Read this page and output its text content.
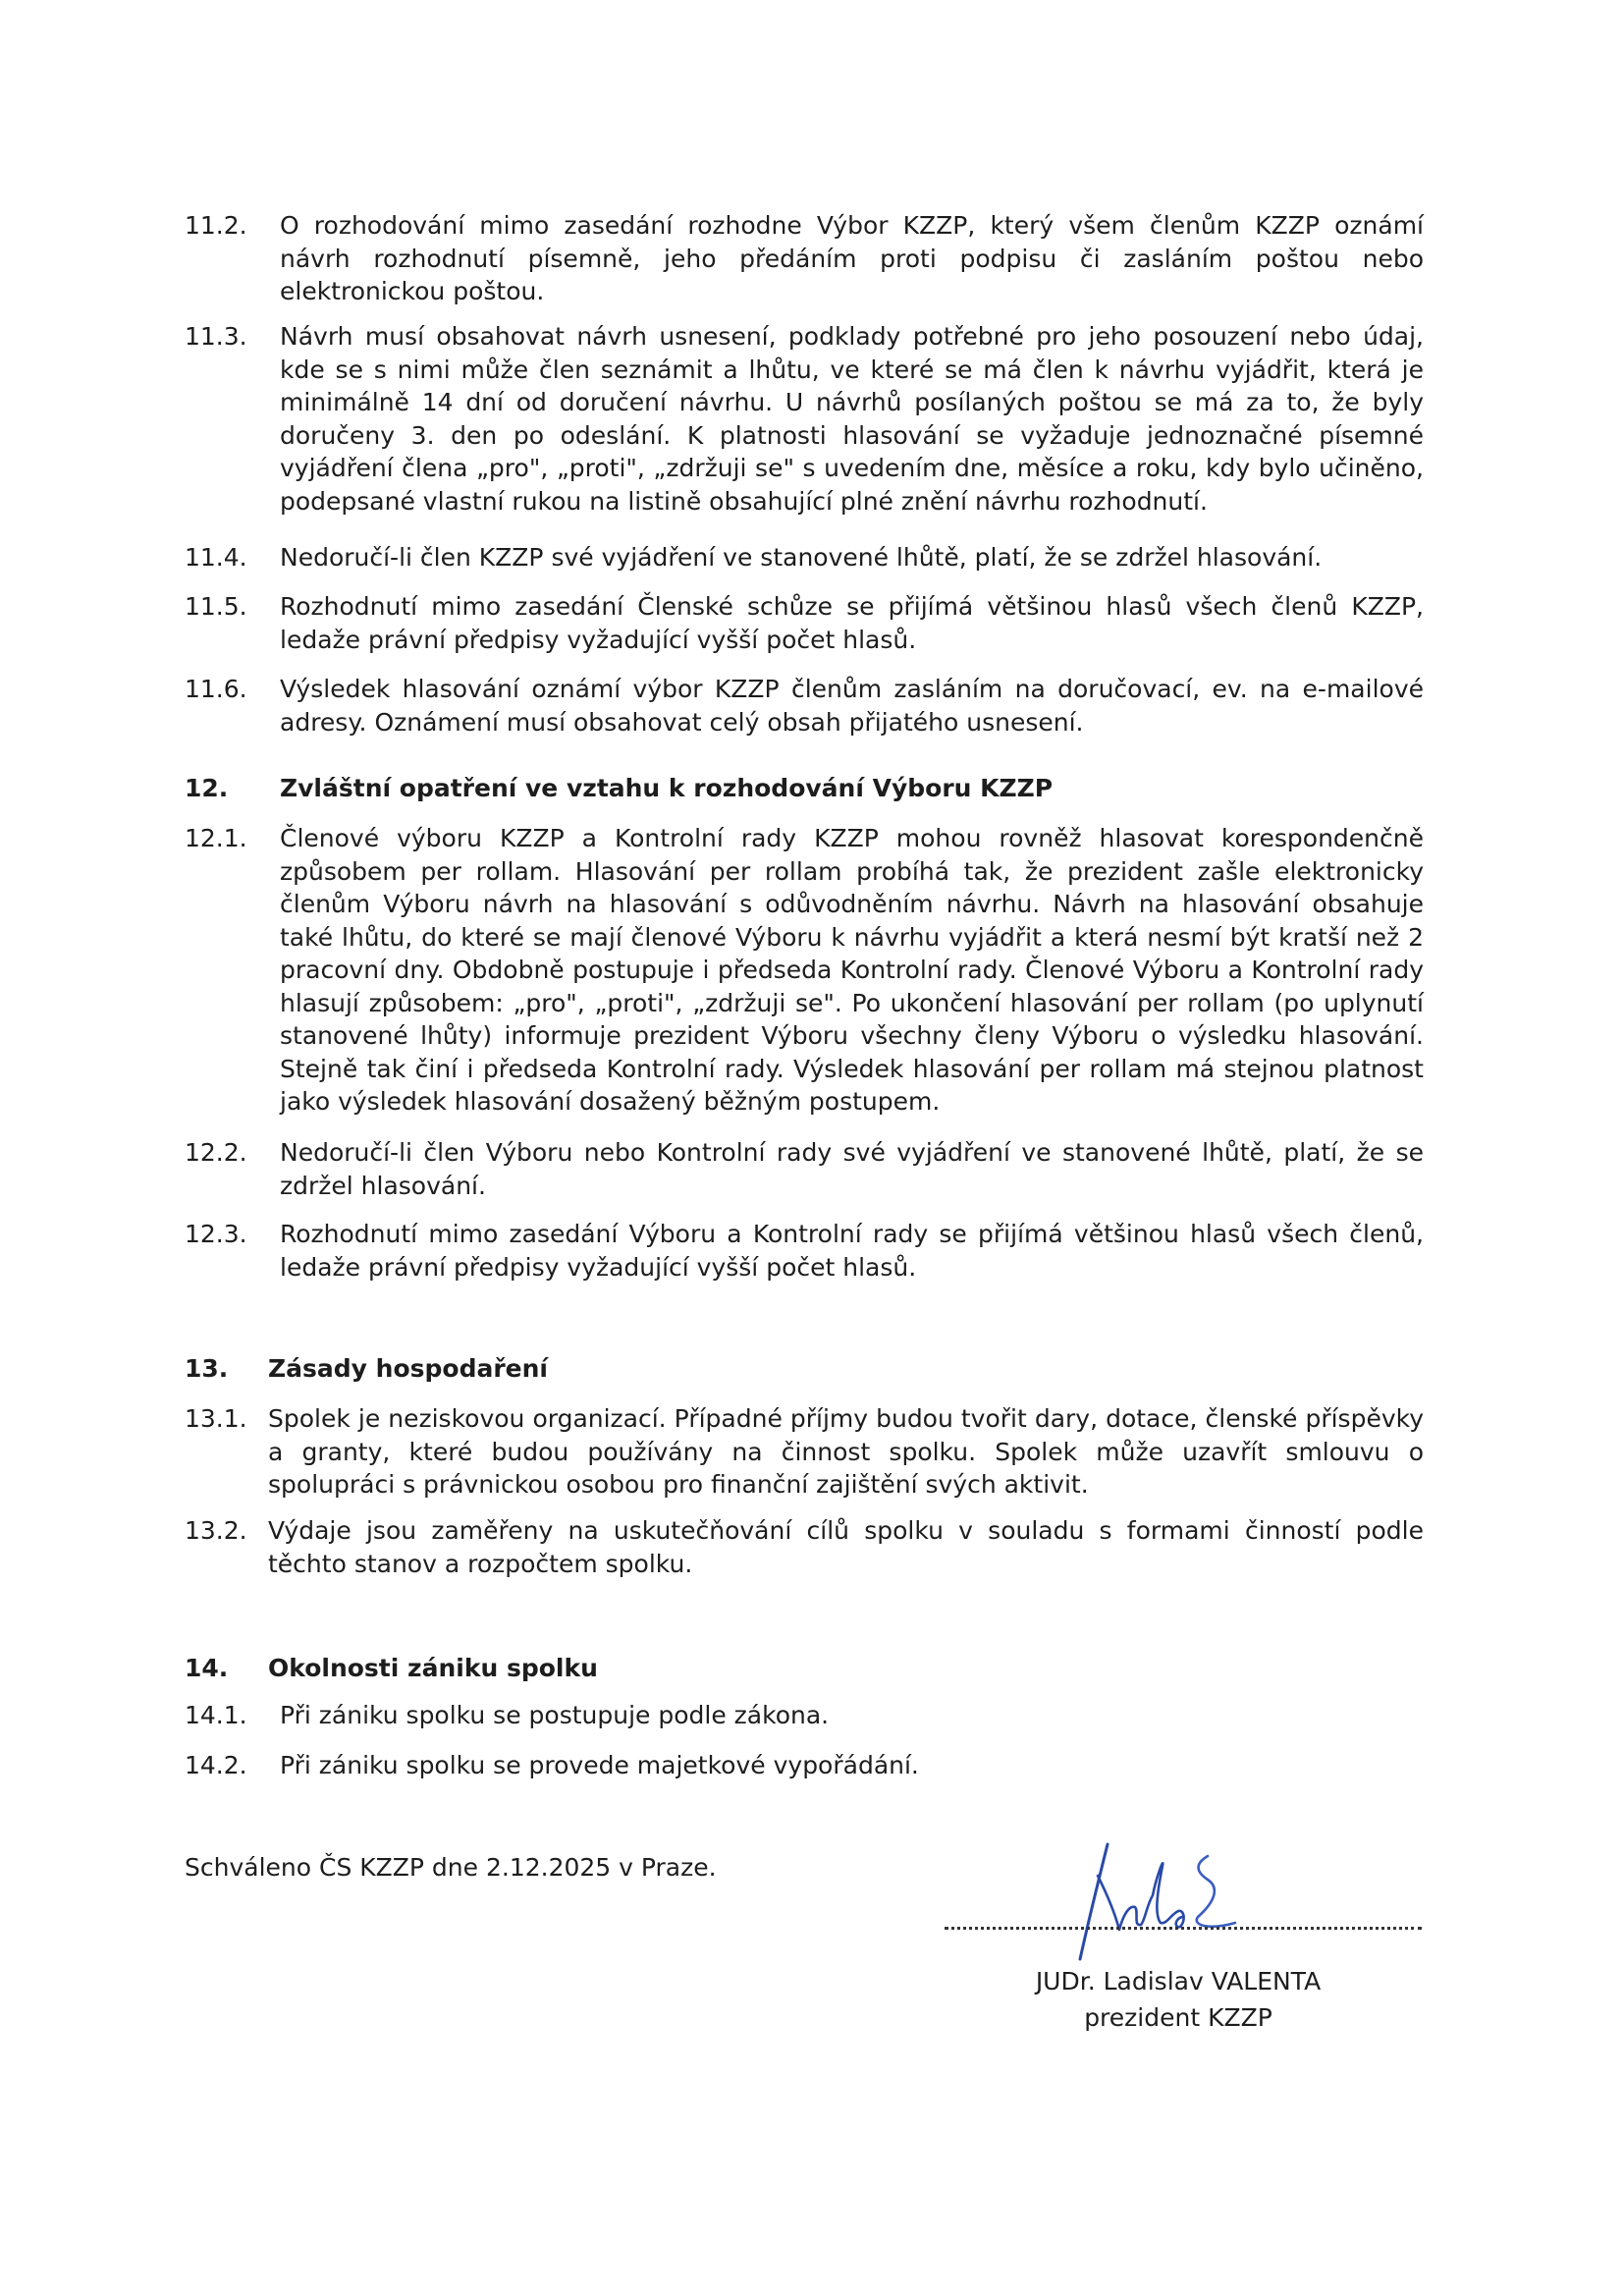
11.2. O rozhodování mimo zasedání rozhodne Výbor KZZP, který všem členům KZZP oznámí návrh rozhodnutí písemně, jeho předáním proti podpisu či zasláním poštou nebo elektronickou poštou.
11.3. Návrh musí obsahovat návrh usnesení, podklady potřebné pro jeho posouzení nebo údaj, kde se s nimi může člen seznámit a lhůtu, ve které se má člen k návrhu vyjádřit, která je minimálně 14 dní od doručení návrhu. U návrhů posílaných poštou se má za to, že byly doručeny 3. den po odeslání. K platnosti hlasování se vyžaduje jednoznačné písemné vyjádření člena „pro", „proti", „zdržuji se" s uvedením dne, měsíce a roku, kdy bylo učiněno, podepsané vlastní rukou na listině obsahující plné znění návrhu rozhodnutí.
11.4. Nedoručí-li člen KZZP své vyjádření ve stanovené lhůtě, platí, že se zdržel hlasování.
11.5. Rozhodnutí mimo zasedání Členské schůze se přijímá většinou hlasů všech členů KZZP, ledaže právní předpisy vyžadující vyšší počet hlasů.
11.6. Výsledek hlasování oznámí výbor KZZP členům zasláním na doručovací, ev. na e-mailové adresy. Oznámení musí obsahovat celý obsah přijatého usnesení.
12. Zvláštní opatření ve vztahu k rozhodování Výboru KZZP
12.1. Členové výboru KZZP a Kontrolní rady KZZP mohou rovněž hlasovat korespondenčně způsobem per rollam. Hlasování per rollam probíhá tak, že prezident zašle elektronicky členům Výboru návrh na hlasování s odůvodněním návrhu. Návrh na hlasování obsahuje také lhůtu, do které se mají členové Výboru k návrhu vyjádřit a která nesmí být kratší než 2 pracovní dny. Obdobně postupuje i předseda Kontrolní rady. Členové Výboru a Kontrolní rady hlasují způsobem: „pro", „proti", „zdržuji se". Po ukončení hlasování per rollam (po uplynutí stanovené lhůty) informuje prezident Výboru všechny členy Výboru o výsledku hlasování. Stejně tak činí i předseda Kontrolní rady. Výsledek hlasování per rollam má stejnou platnost jako výsledek hlasování dosažený běžným postupem.
12.2. Nedoručí-li člen Výboru nebo Kontrolní rady své vyjádření ve stanovené lhůtě, platí, že se zdržel hlasování.
12.3. Rozhodnutí mimo zasedání Výboru a Kontrolní rady se přijímá většinou hlasů všech členů, ledaže právní předpisy vyžadující vyšší počet hlasů.
13. Zásady hospodaření
13.1. Spolek je neziskovou organizací. Případné příjmy budou tvořit dary, dotace, členské příspěvky a granty, které budou používány na činnost spolku. Spolek může uzavřít smlouvu o spolupráci s právnickou osobou pro finanční zajištění svých aktivit.
13.2. Výdaje jsou zaměřeny na uskutečňování cílů spolku v souladu s formami činností podle těchto stanov a rozpočtem spolku.
14. Okolnosti zániku spolku
14.1. Při zániku spolku se postupuje podle zákona.
14.2. Při zániku spolku se provede majetkové vypořádání.
Schváleno ČS KZZP dne 2.12.2025 v Praze.
JUDr. Ladislav VALENTA
prezident KZZP
